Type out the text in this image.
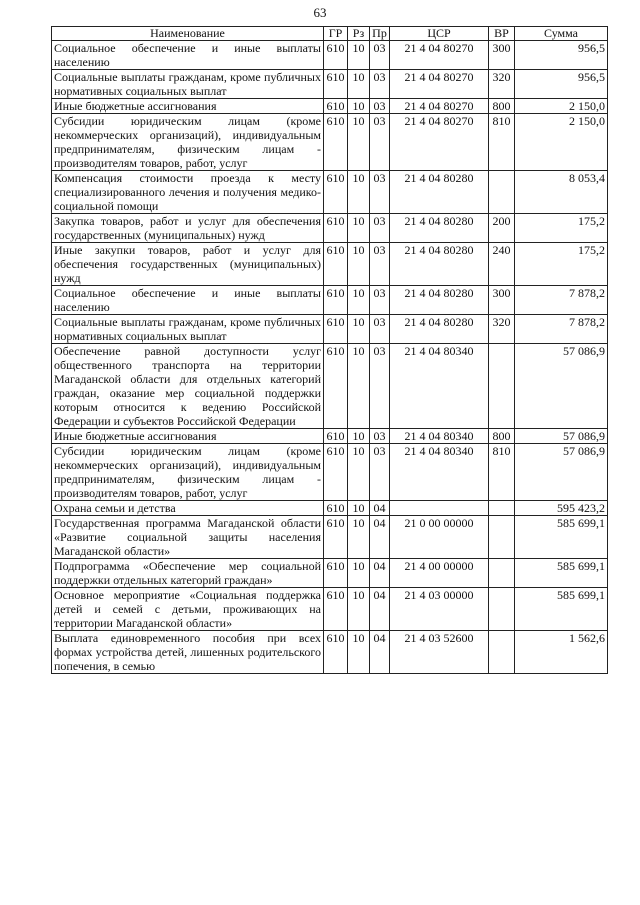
63
Наименование	ГР	Рз	Пр	ЦСР	ВР	Сумма
Социальное обеспечение и иные выплаты населению	610	10	03	21 4 04 80270	300	956,5
Социальные выплаты гражданам, кроме публичных нормативных социальных выплат	610	10	03	21 4 04 80270	320	956,5
Иные бюджетные ассигнования	610	10	03	21 4 04 80270	800	2 150,0
Субсидии юридическим лицам (кроме некоммерческих организаций), индивидуальным предпринимателям, физическим лицам - производителям товаров, работ, услуг	610	10	03	21 4 04 80270	810	2 150,0
Компенсация стоимости проезда к месту специализированного лечения и получения медико-социальной помощи	610	10	03	21 4 04 80280		8 053,4
Закупка товаров, работ и услуг для обеспечения государственных (муниципальных) нужд	610	10	03	21 4 04 80280	200	175,2
Иные закупки товаров, работ и услуг для обеспечения государственных (муниципальных) нужд	610	10	03	21 4 04 80280	240	175,2
Социальное обеспечение и иные выплаты населению	610	10	03	21 4 04 80280	300	7 878,2
Социальные выплаты гражданам, кроме публичных нормативных социальных выплат	610	10	03	21 4 04 80280	320	7 878,2
Обеспечение равной доступности услуг общественного транспорта на территории Магаданской области для отдельных категорий граждан, оказание мер социальной поддержки которым относится к ведению Российской Федерации и субъектов Российской Федерации	610	10	03	21 4 04 80340		57 086,9
Иные бюджетные ассигнования	610	10	03	21 4 04 80340	800	57 086,9
Субсидии юридическим лицам (кроме некоммерческих организаций), индивидуальным предпринимателям, физическим лицам - производителям товаров, работ, услуг	610	10	03	21 4 04 80340	810	57 086,9
Охрана семьи и детства	610	10	04			595 423,2
Государственная программа Магаданской области «Развитие социальной защиты населения Магаданской области»	610	10	04	21 0 00 00000		585 699,1
Подпрограмма «Обеспечение мер социальной поддержки отдельных категорий граждан»	610	10	04	21 4 00 00000		585 699,1
Основное мероприятие «Социальная поддержка детей и семей с детьми, проживающих на территории Магаданской области»	610	10	04	21 4 03 00000		585 699,1
Выплата единовременного пособия при всех формах устройства детей, лишенных родительского попечения, в семью	610	10	04	21 4 03 52600		1 562,6
